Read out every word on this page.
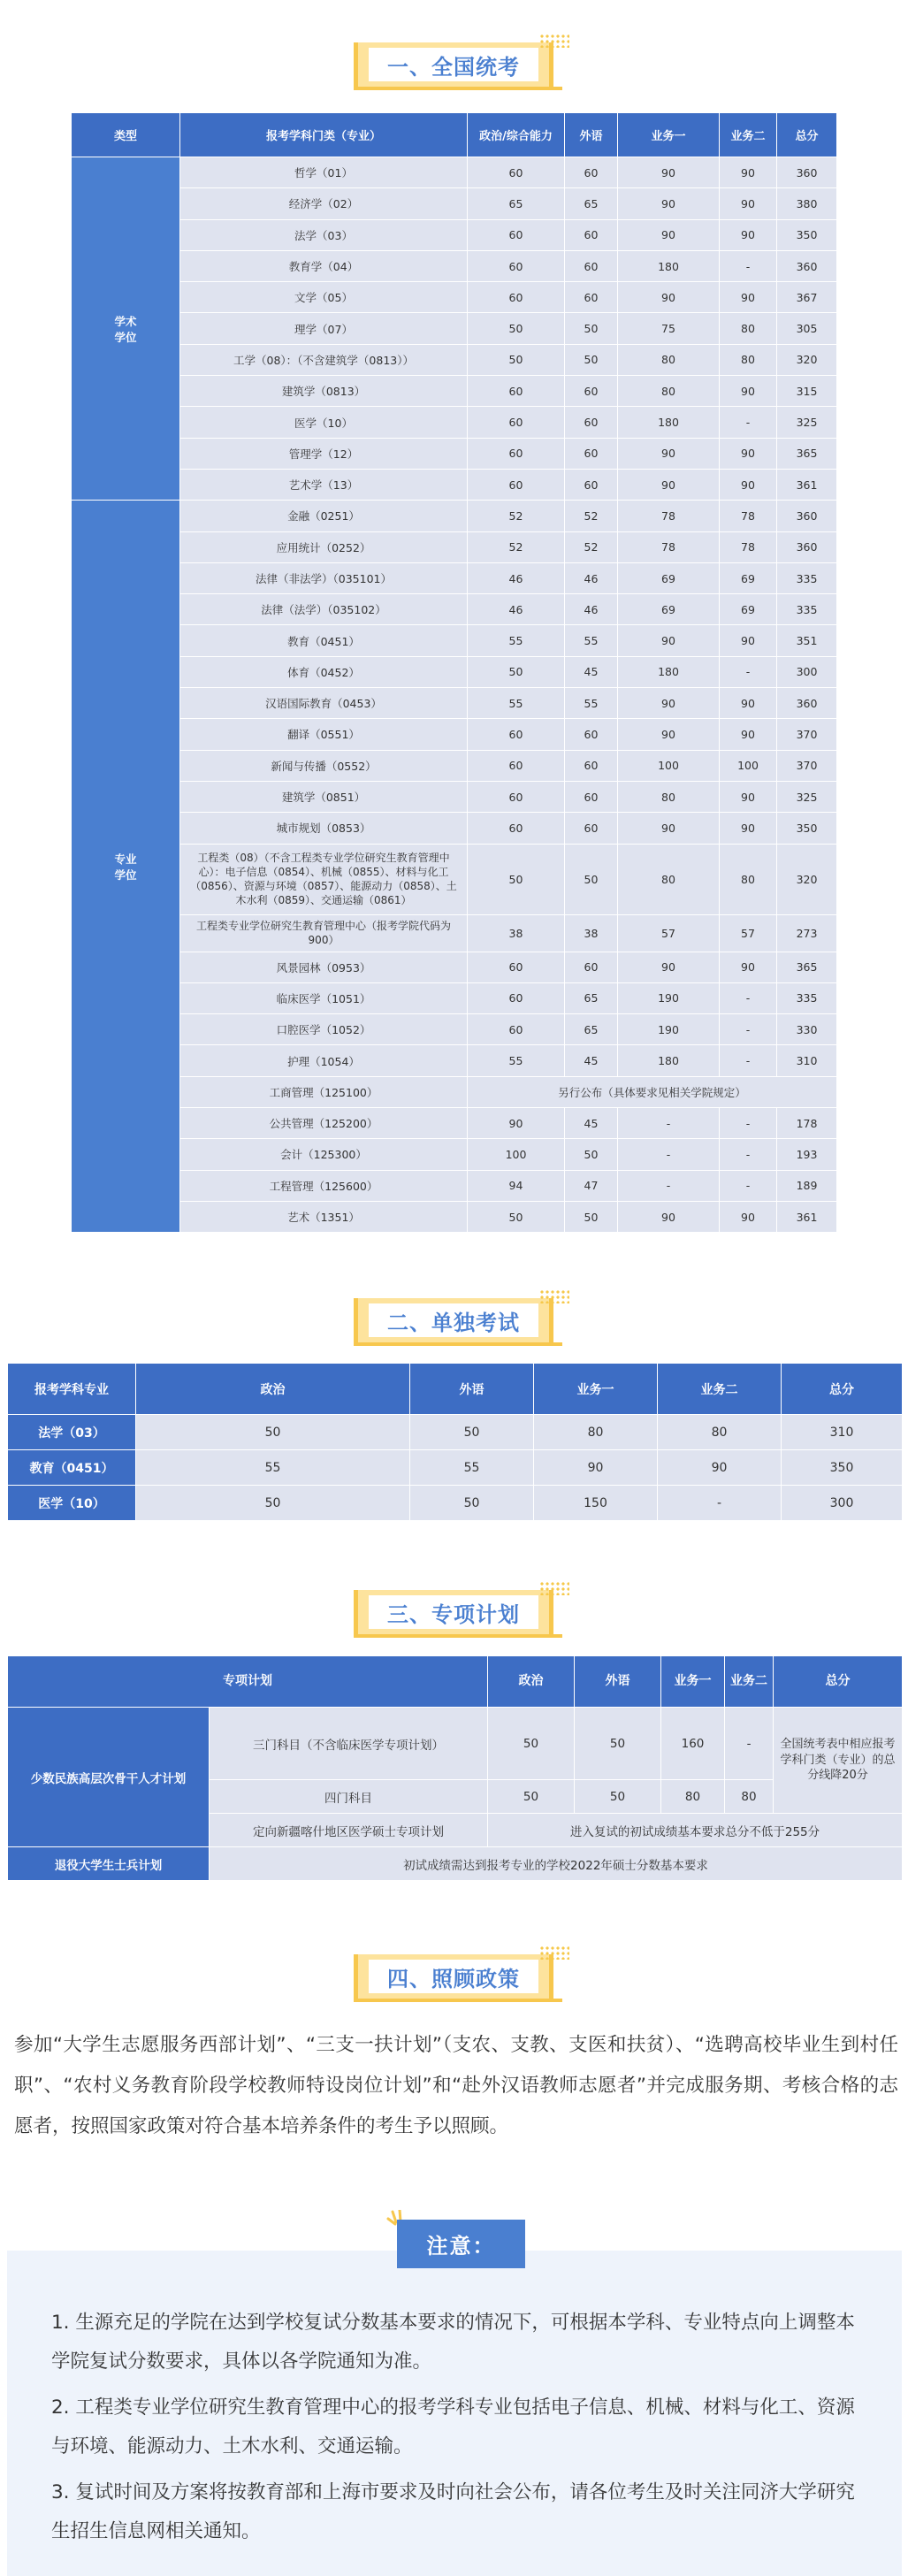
一、全国统考
类型	报考学科门类（专业）	政治/综合能力	外语	业务一	业务二	总分
学术
学位	哲学（01）	60	60	90	90	360
	经济学（02）	65	65	90	90	380
	法学（03）	60	60	90	90	350
	教育学（04）	60	60	180	-	360
	文学（05）	60	60	90	90	367
	理学（07）	50	50	75	80	305
	工学（08）：（不含建筑学（0813））	50	50	80	80	320
	建筑学（0813）	60	60	80	90	315
	医学（10）	60	60	180	-	325
	管理学（12）	60	60	90	90	365
	艺术学（13）	60	60	90	90	361
专业
学位	金融（0251）	52	52	78	78	360
	应用统计（0252）	52	52	78	78	360
	法律（非法学）（035101）	46	46	69	69	335
	法律（法学）（035102）	46	46	69	69	335
	教育（0451）	55	55	90	90	351
	体育（0452）	50	45	180	-	300
	汉语国际教育（0453）	55	55	90	90	360
	翻译（0551）	60	60	90	90	370
	新闻与传播（0552）	60	60	100	100	370
	建筑学（0851）	60	60	80	90	325
	城市规划（0853）	60	60	90	90	350
	工程类（08）（不含工程类专业学位研究生教育管理中心）：电子信息（0854）、机械（0855）、材料与化工（0856）、资源与环境（0857）、能源动力（0858）、土木水利（0859）、交通运输（0861）	50	50	80	80	320
	工程类专业学位研究生教育管理中心（报考学院代码为900）	38	38	57	57	273
	风景园林（0953）	60	60	90	90	365
	临床医学（1051）	60	65	190	-	335
	口腔医学（1052）	60	65	190	-	330
	护理（1054）	55	45	180	-	310
	工商管理（125100）	另行公布（具体要求见相关学院规定）				
	公共管理（125200）	90	45	-	-	178
	会计（125300）	100	50	-	-	193
	工程管理（125600）	94	47	-	-	189
	艺术（1351）	50	50	90	90	361
二、单独考试
报考学科专业	政治	外语	业务一	业务二	总分
法学（03）	50	50	80	80	310
教育（0451）	55	55	90	90	350
医学（10）	50	50	150	-	300
三、专项计划
专项计划		政治	外语	业务一	业务二	总分
少数民族高层次骨干人才计划	三门科目（不含临床医学专项计划）	50	50	160	-	全国统考表中相应报考学科门类（专业）的总分线降20分
	四门科目	50	50	80	80	
	定向新疆喀什地区医学硕士专项计划	进入复试的初试成绩基本要求总分不低于255分				
退役大学生士兵计划	初试成绩需达到报考专业的学校2022年硕士分数基本要求					
四、照顾政策

参加“大学生志愿服务西部计划”、“三支一扶计划”（支农、支教、支医和扶贫）、“选聘高校毕业生到村任职”、“农村义务教育阶段学校教师特设岗位计划”和“赴外汉语教师志愿者”并完成服务期、考核合格的志愿者，按照国家政策对符合基本培养条件的考生予以照顾。

注意：

1. 生源充足的学院在达到学校复试分数基本要求的情况下，可根据本学科、专业特点向上调整本学院复试分数要求，具体以各学院通知为准。

2. 工程类专业学位研究生教育管理中心的报考学科专业包括电子信息、机械、材料与化工、资源与环境、能源动力、土木水利、交通运输。

3. 复试时间及方案将按教育部和上海市要求及时向社会公布，请各位考生及时关注同济大学研究生招生信息网相关通知。
